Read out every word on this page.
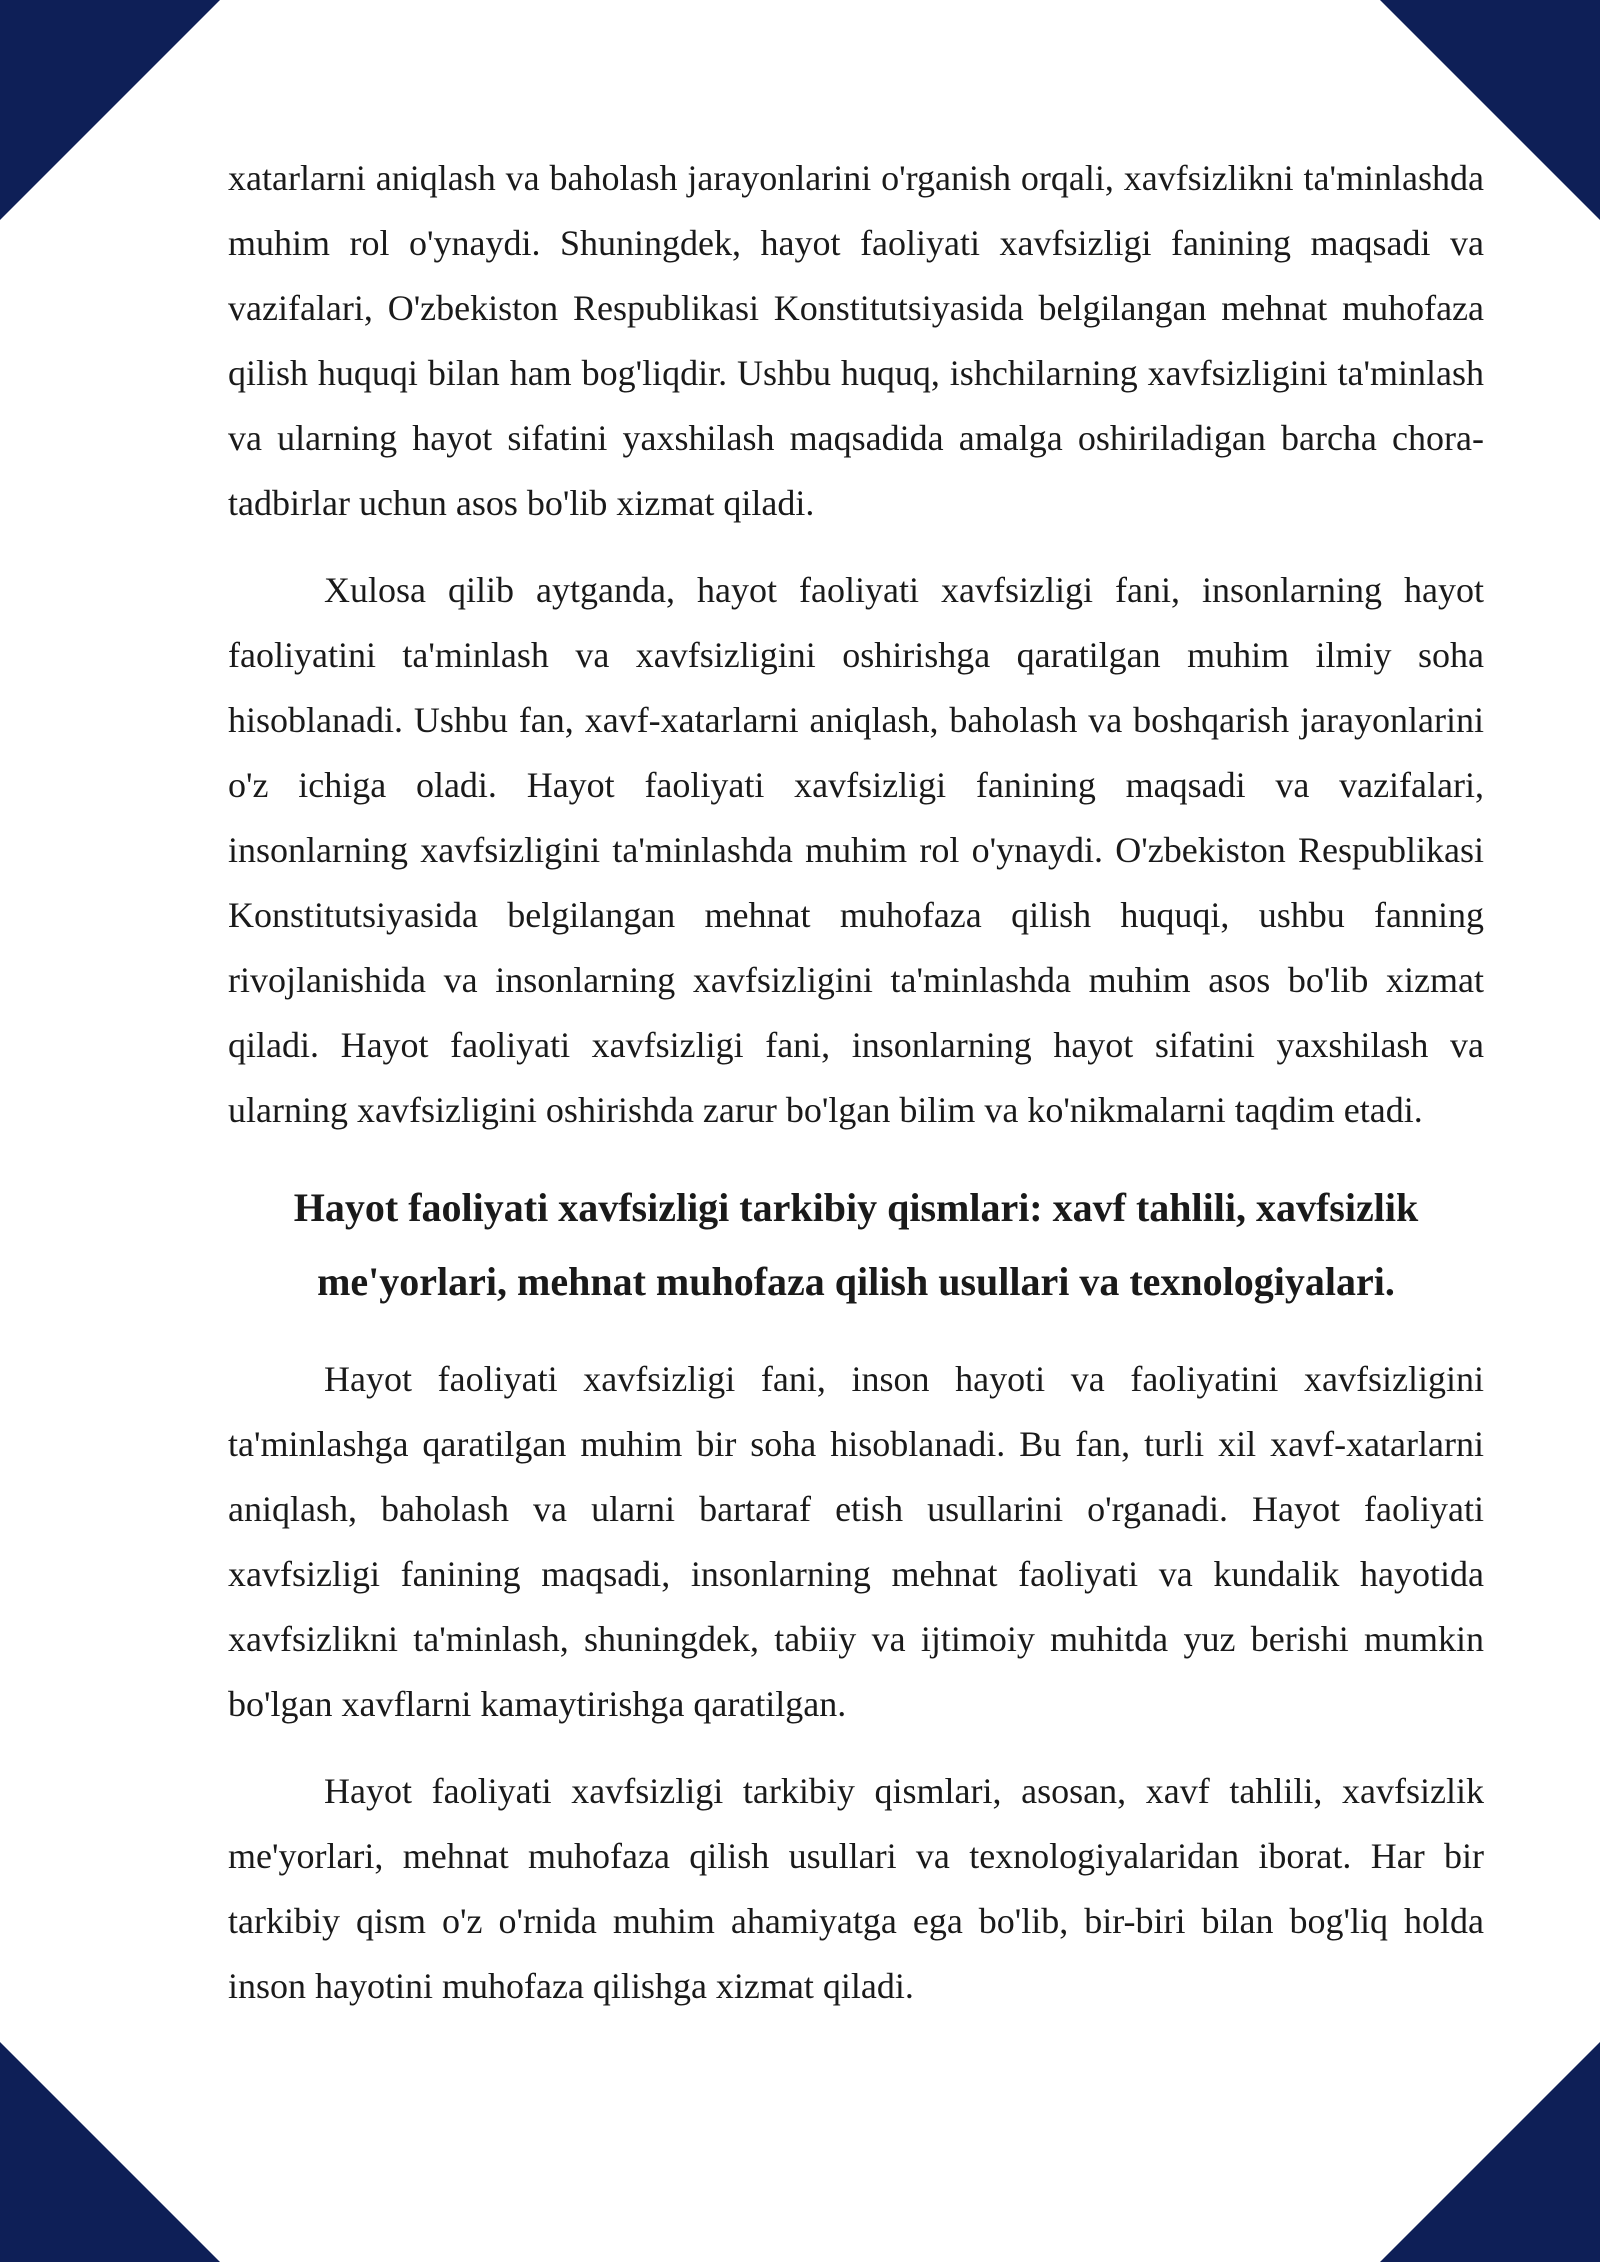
xatarlarni aniqlash va baholash jarayonlarini o'rganish orqali, xavfsizlikni ta'minlashda muhim rol o'ynaydi. Shuningdek, hayot faoliyati xavfsizligi fanining maqsadi va vazifalari, O'zbekiston Respublikasi Konstitutsiyasida belgilangan mehnat muhofaza qilish huquqi bilan ham bog'liqdir. Ushbu huquq, ishchilarning xavfsizligini ta'minlash va ularning hayot sifatini yaxshilash maqsadida amalga oshiriladigan barcha chora-tadbirlar uchun asos bo'lib xizmat qiladi.

Xulosa qilib aytganda, hayot faoliyati xavfsizligi fani, insonlarning hayot faoliyatini ta'minlash va xavfsizligini oshirishga qaratilgan muhim ilmiy soha hisoblanadi. Ushbu fan, xavf-xatarlarni aniqlash, baholash va boshqarish jarayonlarini o'z ichiga oladi. Hayot faoliyati xavfsizligi fanining maqsadi va vazifalari, insonlarning xavfsizligini ta'minlashda muhim rol o'ynaydi. O'zbekiston Respublikasi Konstitutsiyasida belgilangan mehnat muhofaza qilish huquqi, ushbu fanning rivojlanishida va insonlarning xavfsizligini ta'minlashda muhim asos bo'lib xizmat qiladi. Hayot faoliyati xavfsizligi fani, insonlarning hayot sifatini yaxshilash va ularning xavfsizligini oshirishda zarur bo'lgan bilim va ko'nikmalarni taqdim etadi.

Hayot faoliyati xavfsizligi tarkibiy qismlari: xavf tahlili, xavfsizlik me'yorlari, mehnat muhofaza qilish usullari va texnologiyalari.

Hayot faoliyati xavfsizligi fani, inson hayoti va faoliyatini xavfsizligini ta'minlashga qaratilgan muhim bir soha hisoblanadi. Bu fan, turli xil xavf-xatarlarni aniqlash, baholash va ularni bartaraf etish usullarini o'rganadi. Hayot faoliyati xavfsizligi fanining maqsadi, insonlarning mehnat faoliyati va kundalik hayotida xavfsizlikni ta'minlash, shuningdek, tabiiy va ijtimoiy muhitda yuz berishi mumkin bo'lgan xavflarni kamaytirishga qaratilgan.

Hayot faoliyati xavfsizligi tarkibiy qismlari, asosan, xavf tahlili, xavfsizlik me'yorlari, mehnat muhofaza qilish usullari va texnologiyalaridan iborat. Har bir tarkibiy qism o'z o'rnida muhim ahamiyatga ega bo'lib, bir-biri bilan bog'liq holda inson hayotini muhofaza qilishga xizmat qiladi.
